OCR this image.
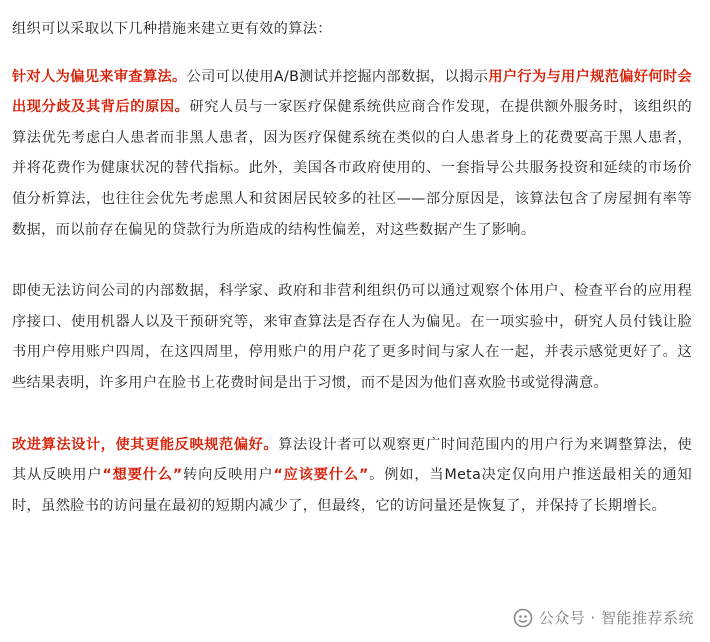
组织可以采取以下几种措施来建立更有效的算法：

针对人为偏见来审查算法。公司可以使用A/B测试并挖掘内部数据，以揭示用户行为与用户规范偏好何时会出现分歧及其背后的原因。研究人员与一家医疗保健系统供应商合作发现，在提供额外服务时，该组织的算法优先考虑白人患者而非黑人患者，因为医疗保健系统在类似的白人患者身上的花费要高于黑人患者，并将花费作为健康状况的替代指标。此外，美国各市政府使用的、一套指导公共服务投资和延续的市场价值分析算法，也往往会优先考虑黑人和贫困居民较多的社区——部分原因是，该算法包含了房屋拥有率等数据，而以前存在偏见的贷款行为所造成的结构性偏差，对这些数据产生了影响。

即使无法访问公司的内部数据，科学家、政府和非营利组织仍可以通过观察个体用户、检查平台的应用程序接口、使用机器人以及干预研究等，来审查算法是否存在人为偏见。在一项实验中，研究人员付钱让脸书用户停用账户四周，在这四周里，停用账户的用户花了更多时间与家人在一起，并表示感觉更好了。这些结果表明，许多用户在脸书上花费时间是出于习惯，而不是因为他们喜欢脸书或觉得满意。

改进算法设计，使其更能反映规范偏好。算法设计者可以观察更广时间范围内的用户行为来调整算法，使其从反映用户“想要什么”转向反映用户“应该要什么”。例如，当Meta决定仅向用户推送最相关的通知时，虽然脸书的访问量在最初的短期内减少了，但最终，它的访问量还是恢复了，并保持了长期增长。

公众号 · 智能推荐系统
